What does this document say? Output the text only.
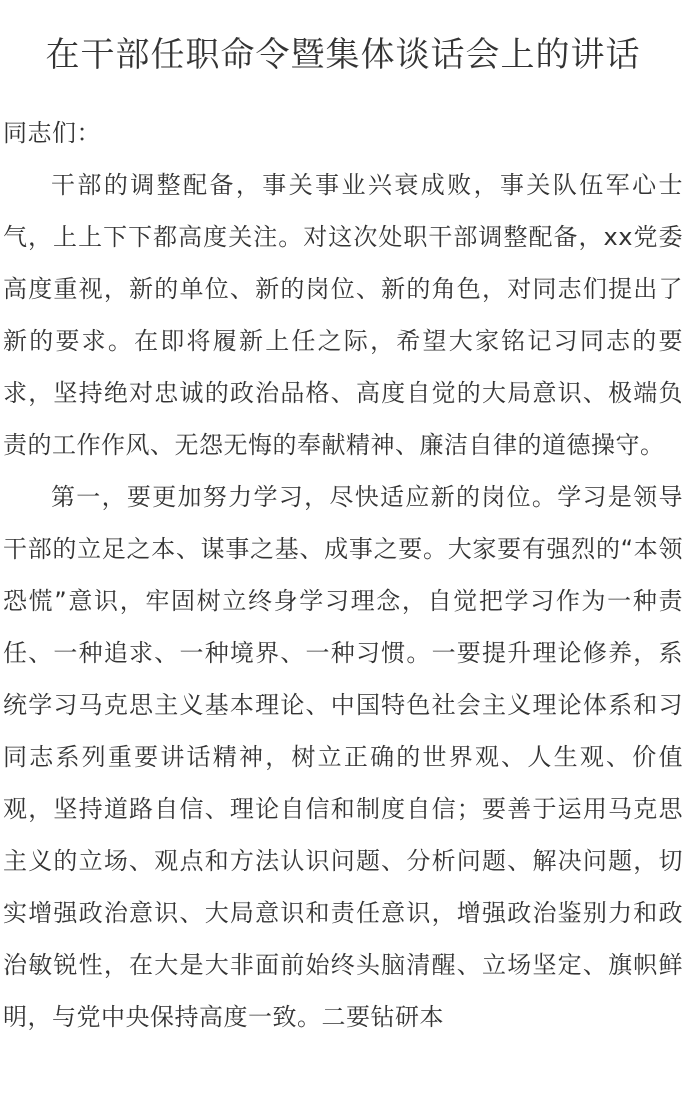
在干部任职命令暨集体谈话会上的讲话

同志们：

干部的调整配备，事关事业兴衰成败，事关队伍军心士气，上上下下都高度关注。对这次处职干部调整配备，xx党委高度重视，新的单位、新的岗位、新的角色，对同志们提出了新的要求。在即将履新上任之际，希望大家铭记习同志的要求，坚持绝对忠诚的政治品格、高度自觉的大局意识、极端负责的工作作风、无怨无悔的奉献精神、廉洁自律的道德操守。

第一，要更加努力学习，尽快适应新的岗位。学习是领导干部的立足之本、谋事之基、成事之要。大家要有强烈的“本领恐慌”意识，牢固树立终身学习理念，自觉把学习作为一种责任、一种追求、一种境界、一种习惯。一要提升理论修养，系统学习马克思主义基本理论、中国特色社会主义理论体系和习同志系列重要讲话精神，树立正确的世界观、人生观、价值观，坚持道路自信、理论自信和制度自信；要善于运用马克思主义的立场、观点和方法认识问题、分析问题、解决问题，切实增强政治意识、大局意识和责任意识，增强政治鉴别力和政治敏锐性，在大是大非面前始终头脑清醒、立场坚定、旗帜鲜明，与党中央保持高度一致。二要钻研本
